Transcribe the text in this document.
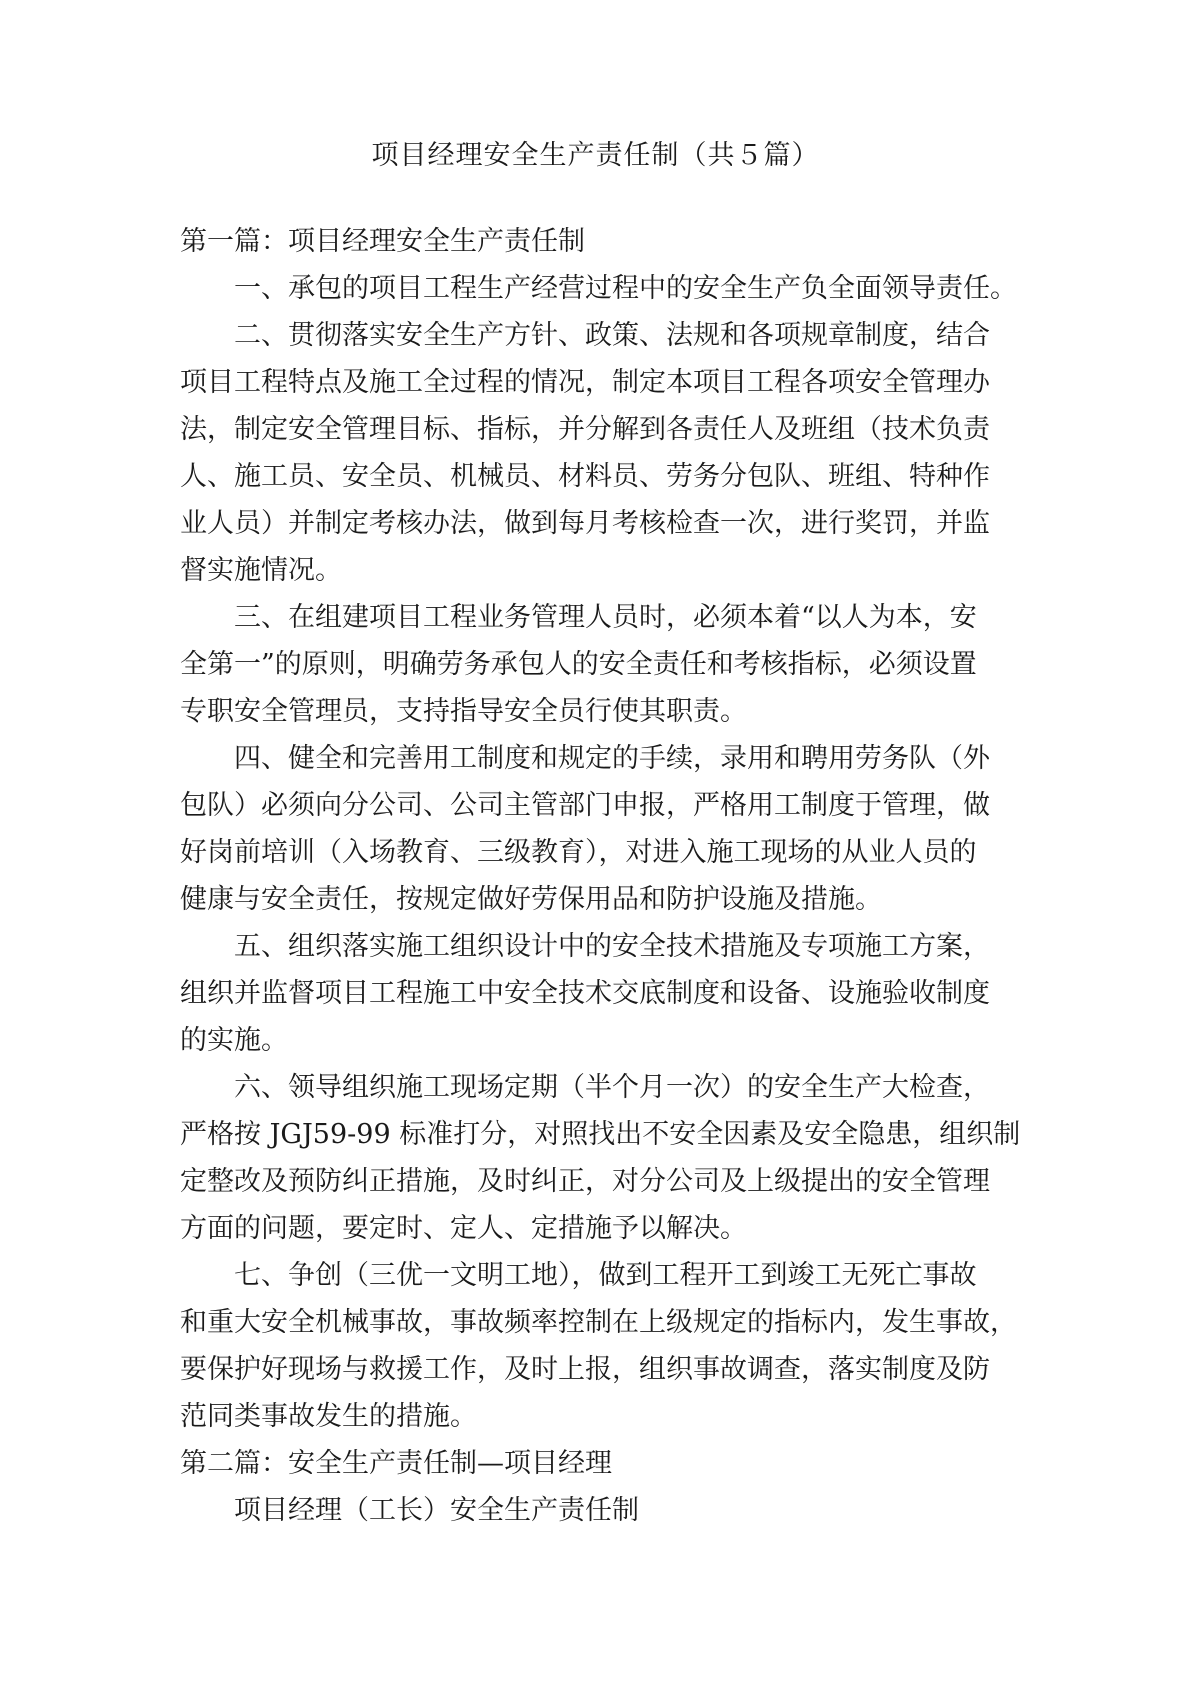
项目经理安全生产责任制（共５篇）
第一篇：项目经理安全生产责任制
一、承包的项目工程生产经营过程中的安全生产负全面领导责任。
二、贯彻落实安全生产方针、政策、法规和各项规章制度，结合
项目工程特点及施工全过程的情况，制定本项目工程各项安全管理办
法，制定安全管理目标、指标，并分解到各责任人及班组（技术负责
人、施工员、安全员、机械员、材料员、劳务分包队、班组、特种作
业人员）并制定考核办法，做到每月考核检查一次，进行奖罚，并监
督实施情况。
三、在组建项目工程业务管理人员时，必须本着“以人为本，安
全第一”的原则，明确劳务承包人的安全责任和考核指标，必须设置
专职安全管理员，支持指导安全员行使其职责。
四、健全和完善用工制度和规定的手续，录用和聘用劳务队（外
包队）必须向分公司、公司主管部门申报，严格用工制度于管理，做
好岗前培训（入场教育、三级教育），对进入施工现场的从业人员的
健康与安全责任，按规定做好劳保用品和防护设施及措施。
五、组织落实施工组织设计中的安全技术措施及专项施工方案，
组织并监督项目工程施工中安全技术交底制度和设备、设施验收制度
的实施。
六、领导组织施工现场定期（半个月一次）的安全生产大检查，
严格按 JGJ59-99 标准打分，对照找出不安全因素及安全隐患，组织制
定整改及预防纠正措施，及时纠正，对分公司及上级提出的安全管理
方面的问题，要定时、定人、定措施予以解决。
七、争创（三优一文明工地），做到工程开工到竣工无死亡事故
和重大安全机械事故，事故频率控制在上级规定的指标内，发生事故，
要保护好现场与救援工作，及时上报，组织事故调查，落实制度及防
范同类事故发生的措施。
第二篇：安全生产责任制—项目经理
项目经理（工长）安全生产责任制
